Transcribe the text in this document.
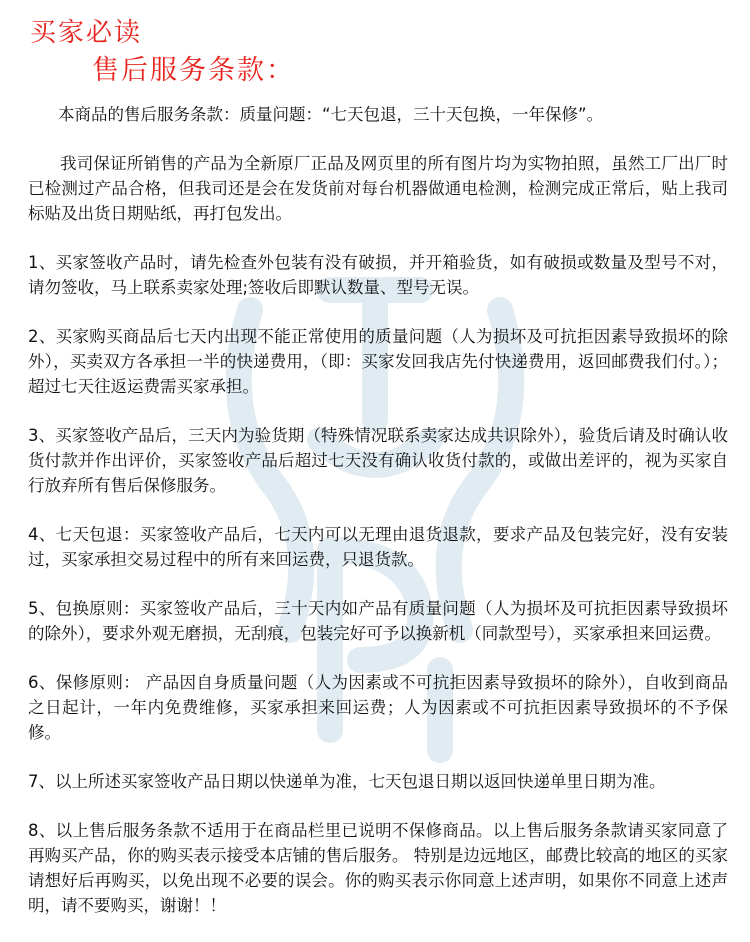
买家必读
售后服务条款：

本商品的售后服务条款：质量问题：“七天包退，三十天包换，一年保修”。

我司保证所销售的产品为全新原厂正品及网页里的所有图片均为实物拍照，虽然工厂出厂时已检测过产品合格，但我司还是会在发货前对每台机器做通电检测，检测完成正常后，贴上我司标贴及出货日期贴纸，再打包发出。

1、买家签收产品时，请先检查外包装有没有破损，并开箱验货，如有破损或数量及型号不对，请勿签收，马上联系卖家处理;签收后即默认数量、型号无误。

2、买家购买商品后七天内出现不能正常使用的质量问题（人为损坏及可抗拒因素导致损坏的除外），买卖双方各承担一半的快递费用，（即：买家发回我店先付快递费用，返回邮费我们付。）；超过七天往返运费需买家承担。

3、买家签收产品后，三天内为验货期（特殊情况联系卖家达成共识除外），验货后请及时确认收货付款并作出评价，买家签收产品后超过七天没有确认收货付款的，或做出差评的，视为买家自行放弃所有售后保修服务。

4、七天包退：买家签收产品后，七天内可以无理由退货退款，要求产品及包装完好，没有安装过，买家承担交易过程中的所有来回运费，只退货款。

5、包换原则：买家签收产品后，三十天内如产品有质量问题（人为损坏及可抗拒因素导致损坏的除外），要求外观无磨损，无刮痕，包装完好可予以换新机（同款型号），买家承担来回运费。

6、保修原则： 产品因自身质量问题（人为因素或不可抗拒因素导致损坏的除外），自收到商品之日起计，一年内免费维修，买家承担来回运费；人为因素或不可抗拒因素导致损坏的不予保修。

7、以上所述买家签收产品日期以快递单为准，七天包退日期以返回快递单里日期为准。

8、以上售后服务条款不适用于在商品栏里已说明不保修商品。以上售后服务条款请买家同意了再购买产品，你的购买表示接受本店铺的售后服务。 特别是边远地区，邮费比较高的地区的买家请想好后再购买，以免出现不必要的误会。你的购买表示你同意上述声明，如果你不同意上述声明，请不要购买，谢谢！！
